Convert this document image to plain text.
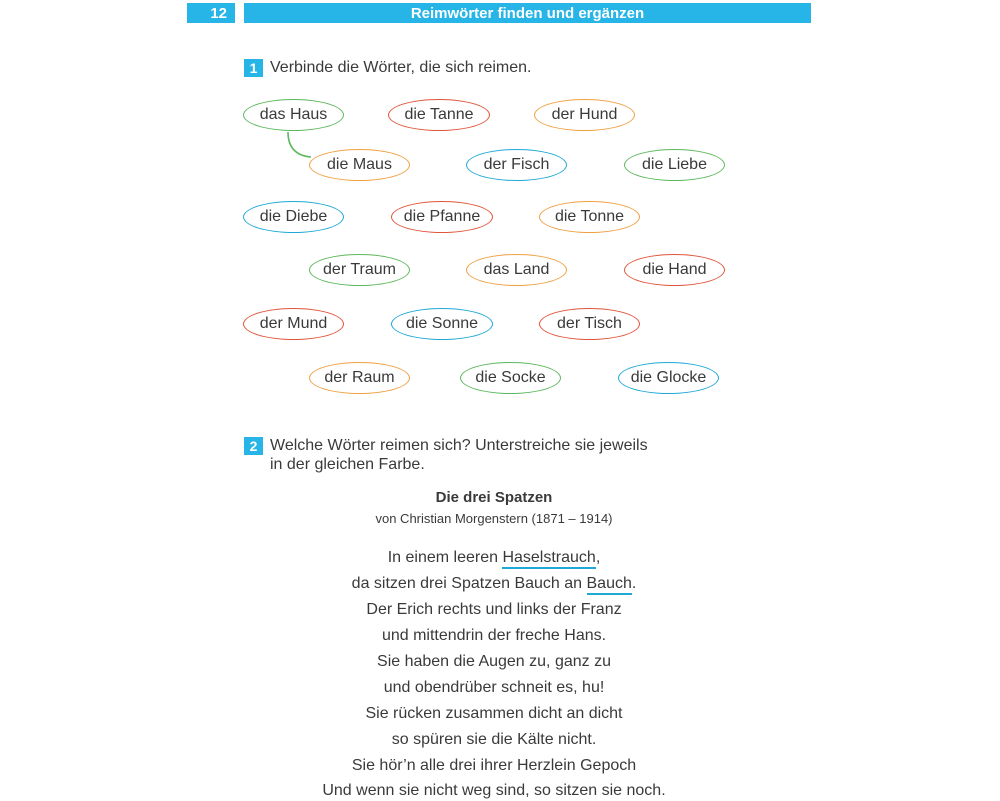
12	Reimwörter finden und ergänzen
1 Verbinde die Wörter, die sich reimen.
das Haus	die Tanne	der Hund
die Maus	der Fisch	die Liebe
die Diebe	die Pfanne	die Tonne
der Traum	das Land	die Hand
der Mund	die Sonne	der Tisch
der Raum	die Socke	die Glocke
2 Welche Wörter reimen sich? Unterstreiche sie jeweils
in der gleichen Farbe.
Die drei Spatzen
von Christian Morgenstern (1871 – 1914)
In einem leeren Haselstrauch,
da sitzen drei Spatzen Bauch an Bauch.
Der Erich rechts und links der Franz
und mittendrin der freche Hans.
Sie haben die Augen zu, ganz zu
und obendrüber schneit es, hu!
Sie rücken zusammen dicht an dicht
so spüren sie die Kälte nicht.
Sie hör’n alle drei ihrer Herzlein Gepoch
Und wenn sie nicht weg sind, so sitzen sie noch.
